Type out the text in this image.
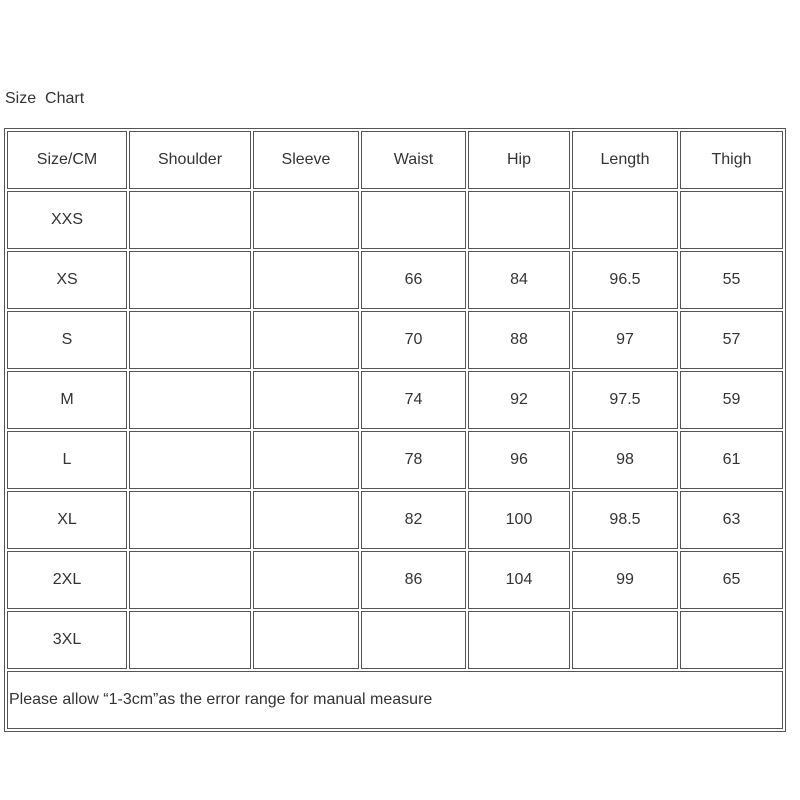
Size  Chart
Size/CM	Shoulder	Sleeve	Waist	Hip	Length	Thigh
XXS						
XS			66	84	96.5	55
S			70	88	97	57
M			74	92	97.5	59
L			78	96	98	61
XL			82	100	98.5	63
2XL			86	104	99	65
3XL						
Please allow “1-3cm”as the error range for manual measure						
